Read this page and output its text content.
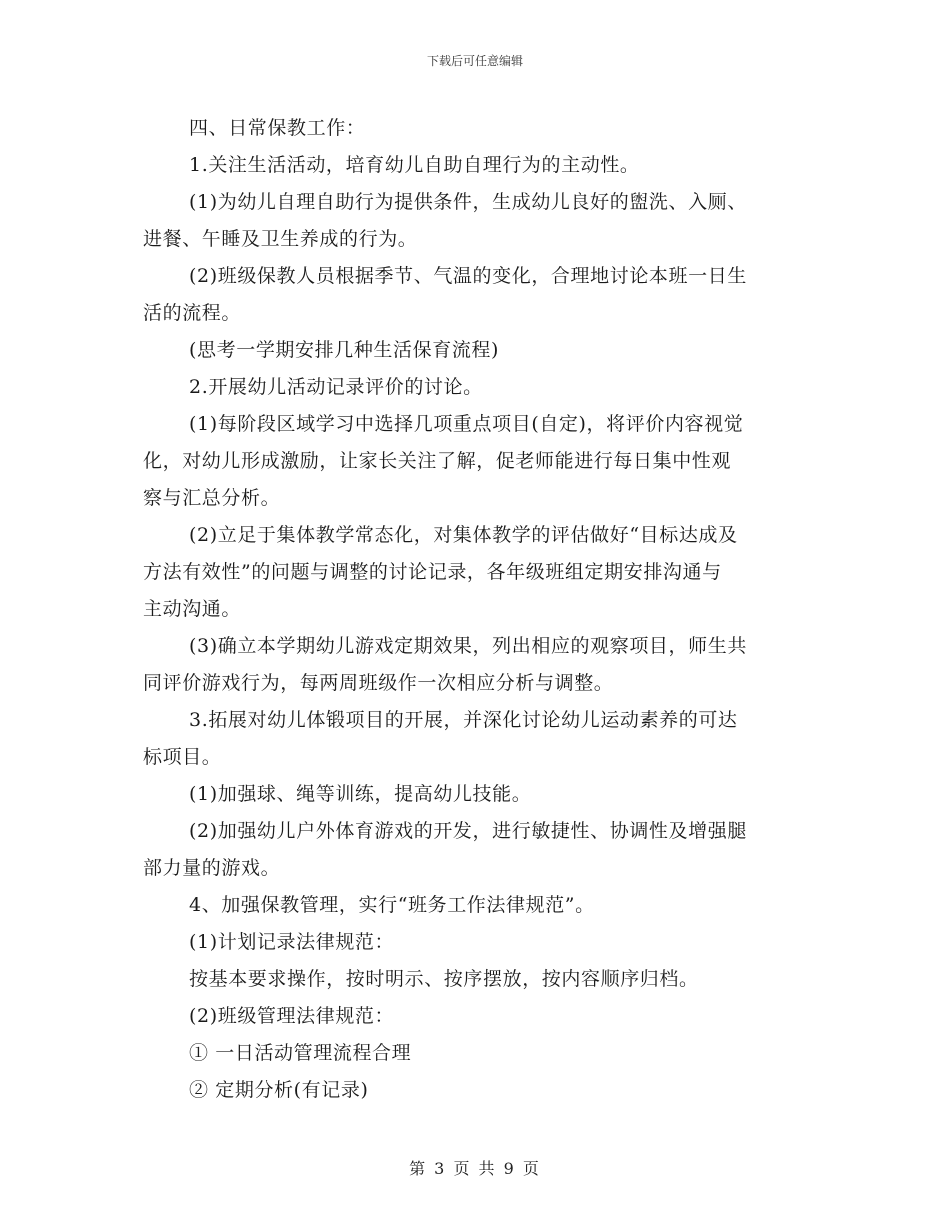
下载后可任意编辑
四、日常保教工作：
1.关注生活活动，培育幼儿自助自理行为的主动性。
(1)为幼儿自理自助行为提供条件，生成幼儿良好的盥洗、入厕、
进餐、午睡及卫生养成的行为。
(2)班级保教人员根据季节、气温的变化，合理地讨论本班一日生
活的流程。
(思考一学期安排几种生活保育流程)
2.开展幼儿活动记录评价的讨论。
(1)每阶段区域学习中选择几项重点项目(自定)，将评价内容视觉
化，对幼儿形成激励，让家长关注了解，促老师能进行每日集中性观
察与汇总分析。
(2)立足于集体教学常态化，对集体教学的评估做好“目标达成及
方法有效性”的问题与调整的讨论记录，各年级班组定期安排沟通与
主动沟通。
(3)确立本学期幼儿游戏定期效果，列出相应的观察项目，师生共
同评价游戏行为，每两周班级作一次相应分析与调整。
3.拓展对幼儿体锻项目的开展，并深化讨论幼儿运动素养的可达
标项目。
(1)加强球、绳等训练，提高幼儿技能。
(2)加强幼儿户外体育游戏的开发，进行敏捷性、协调性及增强腿
部力量的游戏。
4、加强保教管理，实行“班务工作法律规范”。
(1)计划记录法律规范：
按基本要求操作，按时明示、按序摆放，按内容顺序归档。
(2)班级管理法律规范：
① 一日活动管理流程合理
② 定期分析(有记录)
第 3 页 共 9 页
